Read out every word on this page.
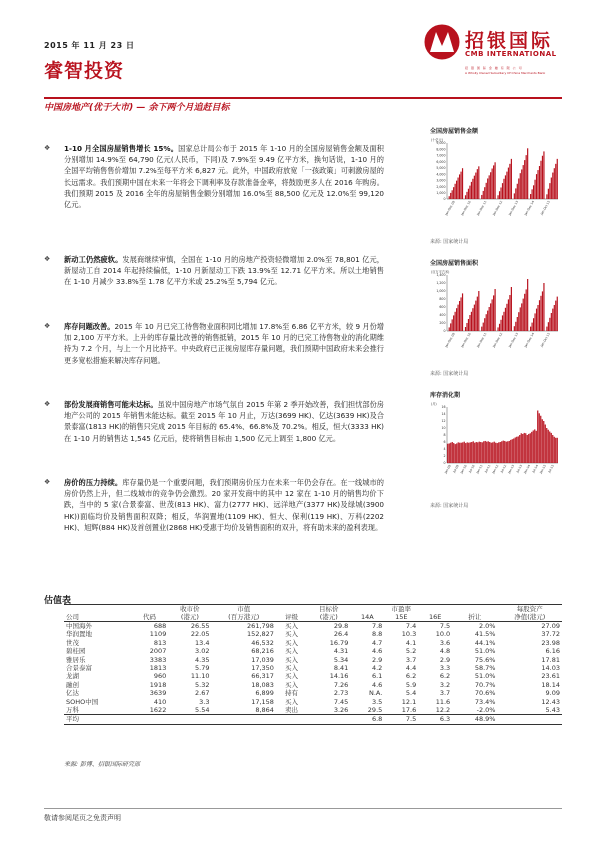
2015 年 11 月 23 日
睿智投资
招银国际
CMB INTERNATIONAL
招 银 国 际 金 融 有 限 公 司
A Wholly Owned Subsidiary Of China Merchants Bank
中国房地产(优于大市) — 余下两个月追赶目标
❖ 1-10 月全国房屋销售增长 15%。国家总计局公布于 2015 年 1-10 月的全国房屋销售金额及面积分别增加 14.9%至 64,790 亿元(人民币，下同)及 7.9%至 9.49 亿平方米，换句话说，1-10 月的全国平均销售售价增加 7.2%至每平方米 6,827 元。此外，中国政府放宽「一孩政策」可刺激房屋的长远需求。我们预期中国在未来一年将会下调利率及存款准备金率，将鼓励更多人在 2016 年购房。我们预期 2015 及 2016 全年的房屋销售金额分别增加 16.0%至 88,500 亿元及 12.0%至 99,120 亿元。

❖ 新动工仍然疲软。发展商继续审慎，全国在 1-10 月的房地产投资轻微增加 2.0%至 78,801 亿元，新屋动工自 2014 年起持续偏低，1-10 月新屋动工下跌 13.9%至 12.71 亿平方米。所以土地销售在 1-10 月减少 33.8%至 1.78 亿平方米或 25.2%至 5,794 亿元。

❖ 库存问题改善。2015 年 10 月已完工待售物业面积同比增加 17.8%至 6.86 亿平方米，较 9 月份增加 2,100 万平方米。上升的库存量比改善的销售抵销，2015 年 10 月的已完工待售物业的消化期维持为 7.2 个月，与上一个月比持平。中央政府已正视房屋库存量问题，我们预期中国政府未来会推行更多宽松措施来解决库存问题。

❖ 部份发展商销售可能未达标。虽说中国房地产市场气氛自 2015 年第 2 季开始改善，我们担忧部份房地产公司的 2015 年销售未能达标。截至 2015 年 10 月止，万达(3699 HK)、亿达(3639 HK)及合景泰富(1813 HK)的销售只完成 2015 年目标的 65.4%、66.8%及 70.2%。相反，恒大(3333 HK)在 1-10 月的销售达 1,545 亿元后，使将销售目标由 1,500 亿元上调至 1,800 亿元。

❖ 房价的压力持续。库存量仍是一个重要问题，我们预期房价压力在未来一年仍会存在。在一线城市的房价仍然上升，但二线城市的竞争仍会激烈。20 家开发商中的其中 12 家在 1-10 月的销售均价下跌，当中的 5 家(合景泰富、世茂(813 HK)、富力(2777 HK)、远洋地产(3377 HK)及绿城(3900 HK))面临均价及销售面积双降；相反，华润置地(1109 HK)、恒大、保利(119 HK)、万科(2202 HK)、旭辉(884 HK)及首创置业(2868 HK)受惠于均价及销售面积的双升，将有助未来的盈利表现。

全国房屋销售金额
(十亿元)
9,000
8,000
7,000
6,000
5,000
4,000
3,000
2,000
1,000
0
Jan-Dec 09 Jan-Dec 10 Jan-Dec 11 Jan-Dec 12 Jan-Dec 13 Jan-Dec 14 Jan-Oct 15
来源: 国家统计局
全国房屋销售面积
(百万平方米)
1,400
1,200
1,000
800
600
400
200
0
Jan-Dec 09 Jan-Dec 10 Jan-Dec 11 Jan-Dec 12 Jan-Dec 13 Jan-Dec 14 Jan-Oct 15
来源: 国家统计局
库存消化期
(月)
16
14
12
10
8
6
4
2
0
Jan-09 Jul-09 Jan-10 Jul-10 Jan-11 Jul-11 Jan-12 Jul-12 Jan-13 Jul-13 Jan-14 Jul-14 Jan-15 Jul-15
来源: 国家统计局
估值表
		收市价	市值		目标价	市盈率				每股资产
公司	代码	(港元)	(百万港元)	评级	(港元)	14A	15E	16E	折让	净值(港元)
中国海外	688	26.55	261,798	买入	29.8	7.8	7.4	7.5	2.0%	27.09
华润置地	1109	22.05	152,827	买入	26.4	8.8	10.3	10.0	41.5%	37.72
世茂	813	13.4	46,532	买入	16.79	4.7	4.1	3.6	44.1%	23.98
碧桂园	2007	3.02	68,216	买入	4.31	4.6	5.2	4.8	51.0%	6.16
雅居乐	3383	4.35	17,039	买入	5.34	2.9	3.7	2.9	75.6%	17.81
合景泰富	1813	5.79	17,350	买入	8.41	4.2	4.4	3.3	58.7%	14.03
龙湖	960	11.10	66,317	买入	14.16	6.1	6.2	6.2	51.0%	23.61
融创	1918	5.32	18,083	买入	7.26	4.6	5.9	3.2	70.7%	18.14
亿达	3639	2.67	6,899	持有	2.73	N.A.	5.4	3.7	70.6%	9.09
SOHO中国	410	3.3	17,158	买入	7.45	3.5	12.1	11.6	73.4%	12.43
万科	1622	5.54	8,864	卖出	3.26	29.5	17.6	12.2	-2.0%	5.43
平均						6.8	7.5	6.3	48.9%	
来源: 彭博、招银国际研究部
敬请参阅尾页之免责声明
